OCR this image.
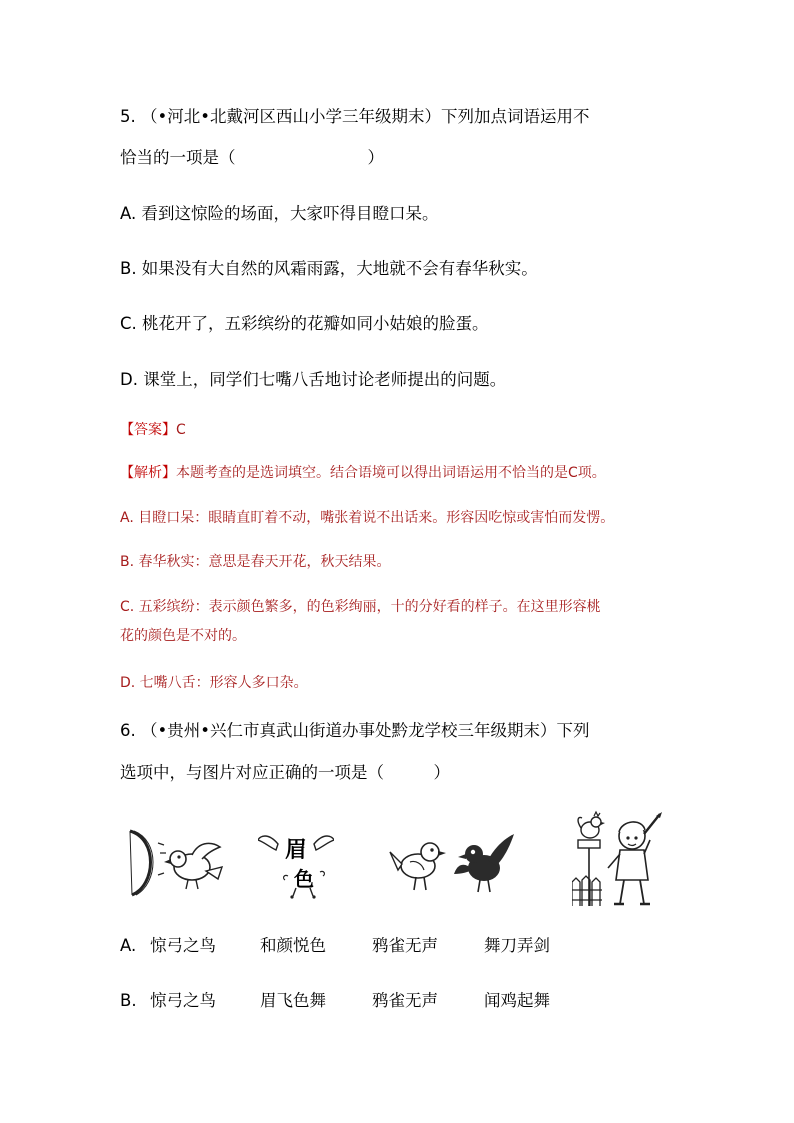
5. （•河北•北戴河区西山小学三年级期末）下列加点词语运用不
恰当的一项是（　　　　　　　　）
A. 看到这惊险的场面，大家吓得目瞪口呆。
B. 如果没有大自然的风霜雨露，大地就不会有春华秋实。
C. 桃花开了，五彩缤纷的花瓣如同小姑娘的脸蛋。
D. 课堂上，同学们七嘴八舌地讨论老师提出的问题。
【答案】C
【解析】本题考查的是选词填空。结合语境可以得出词语运用不恰当的是C项。
A. 目瞪口呆：眼睛直盯着不动，嘴张着说不出话来。形容因吃惊或害怕而发愣。
B. 春华秋实：意思是春天开花，秋天结果。
C. 五彩缤纷：表示颜色繁多，的色彩绚丽，十的分好看的样子。在这里形容桃
花的颜色是不对的。
D. 七嘴八舌：形容人多口杂。
6. （•贵州•兴仁市真武山街道办事处黔龙学校三年级期末）下列
选项中，与图片对应正确的一项是（　　　）
眉
色
A. 惊弓之鸟	和颜悦色	鸦雀无声	舞刀弄剑
B. 惊弓之鸟	眉飞色舞	鸦雀无声	闻鸡起舞
